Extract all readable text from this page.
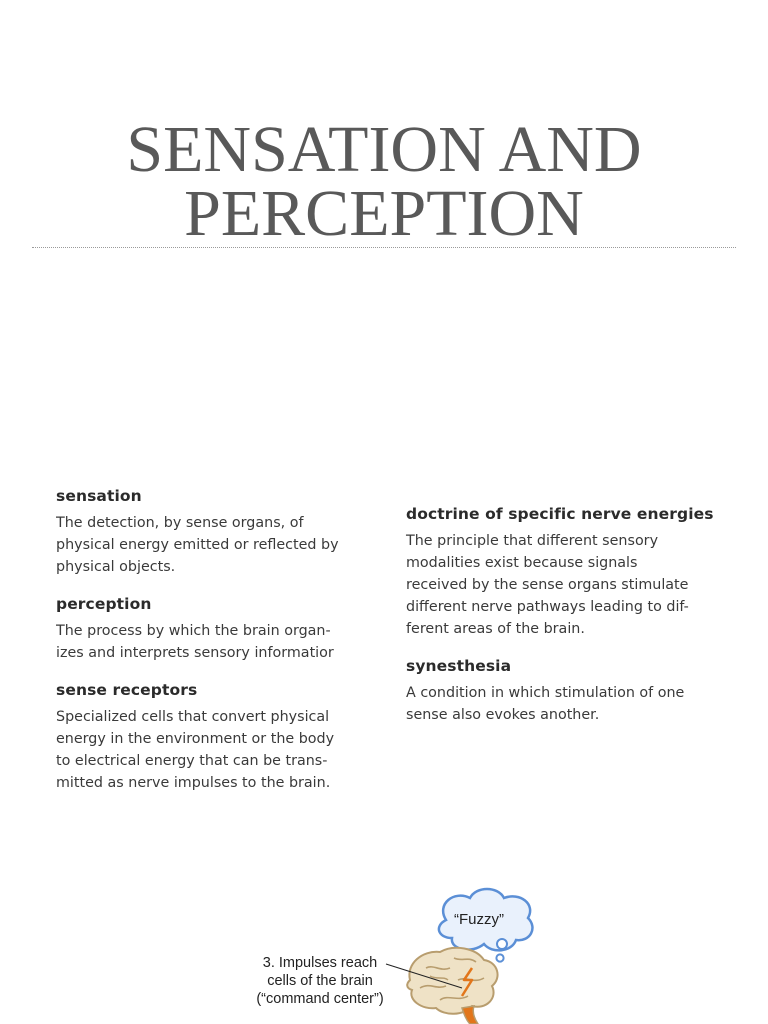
SENSATION AND
PERCEPTION
sensation

The detection, by sense organs, of
physical energy emitted or reflected by
physical objects.

perception

The process by which the brain organ-
izes and interprets sensory informatior

sense receptors

Specialized cells that convert physical
energy in the environment or the body
to electrical energy that can be trans-
mitted as nerve impulses to the brain.

doctrine of specific nerve energies

The principle that different sensory
modalities exist because signals
received by the sense organs stimulate
different nerve pathways leading to dif-
ferent areas of the brain.

synesthesia

A condition in which stimulation of one
sense also evokes another.

“Fuzzy”
3. Impulses reach
cells of the brain
(“command center”)
